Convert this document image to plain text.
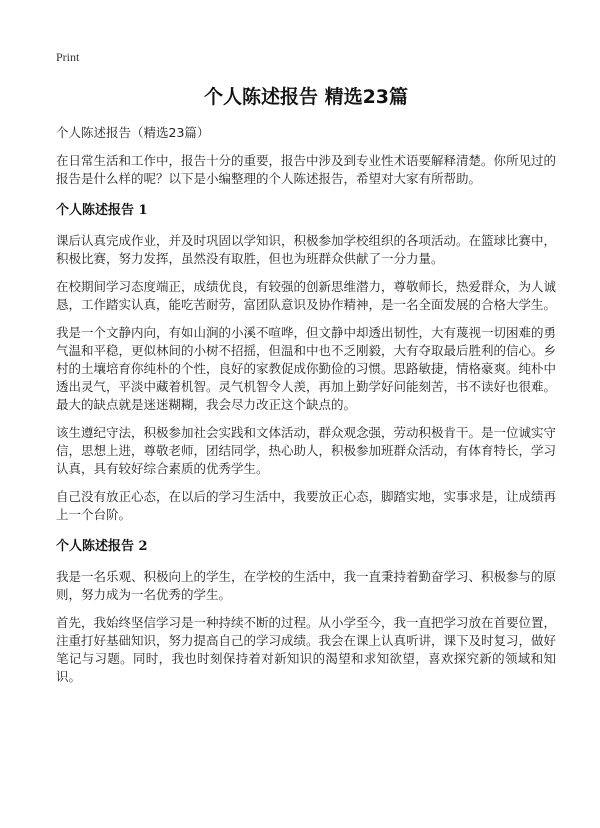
Print
个人陈述报告 精选23篇

个人陈述报告（精选23篇）

在日常生活和工作中，报告十分的重要，报告中涉及到专业性术语要解释清楚。你所见过的报告是什么样的呢？以下是小编整理的个人陈述报告，希望对大家有所帮助。

个人陈述报告 1

课后认真完成作业，并及时巩固以学知识，积极参加学校组织的各项活动。在篮球比赛中，积极比赛，努力发挥，虽然没有取胜，但也为班群众供献了一分力量。

在校期间学习态度端正，成绩优良，有较强的创新思维潜力，尊敬师长，热爱群众，为人诚恳，工作踏实认真，能吃苦耐劳，富团队意识及协作精神，是一名全面发展的合格大学生。

我是一个文静内向，有如山涧的小溪不喧哗，但文静中却透出韧性，大有蔑视一切困难的勇气温和平稳，更似林间的小树不招摇，但温和中也不乏刚毅，大有夺取最后胜利的信心。乡村的土壤培育你纯朴的个性，良好的家教促成你勤俭的习惯。思路敏捷，情格豪爽。纯朴中透出灵气，平淡中藏着机智。灵气机智令人羡，再加上勤学好问能刻苦，书不读好也很难。最大的缺点就是迷迷糊糊，我会尽力改正这个缺点的。

该生遵纪守法，积极参加社会实践和文体活动，群众观念强，劳动积极肯干。是一位诚实守信，思想上进，尊敬老师，团结同学，热心助人，积极参加班群众活动，有体育特长，学习认真，具有较好综合素质的优秀学生。

自己没有放正心态，在以后的学习生活中，我要放正心态，脚踏实地，实事求是，让成绩再上一个台阶。

个人陈述报告 2

我是一名乐观、积极向上的学生，在学校的生活中，我一直秉持着勤奋学习、积极参与的原则，努力成为一名优秀的学生。

首先，我始终坚信学习是一种持续不断的过程。从小学至今，我一直把学习放在首要位置，注重打好基础知识，努力提高自己的学习成绩。我会在课上认真听讲，课下及时复习，做好笔记与习题。同时，我也时刻保持着对新知识的渴望和求知欲望，喜欢探究新的领域和知识。
